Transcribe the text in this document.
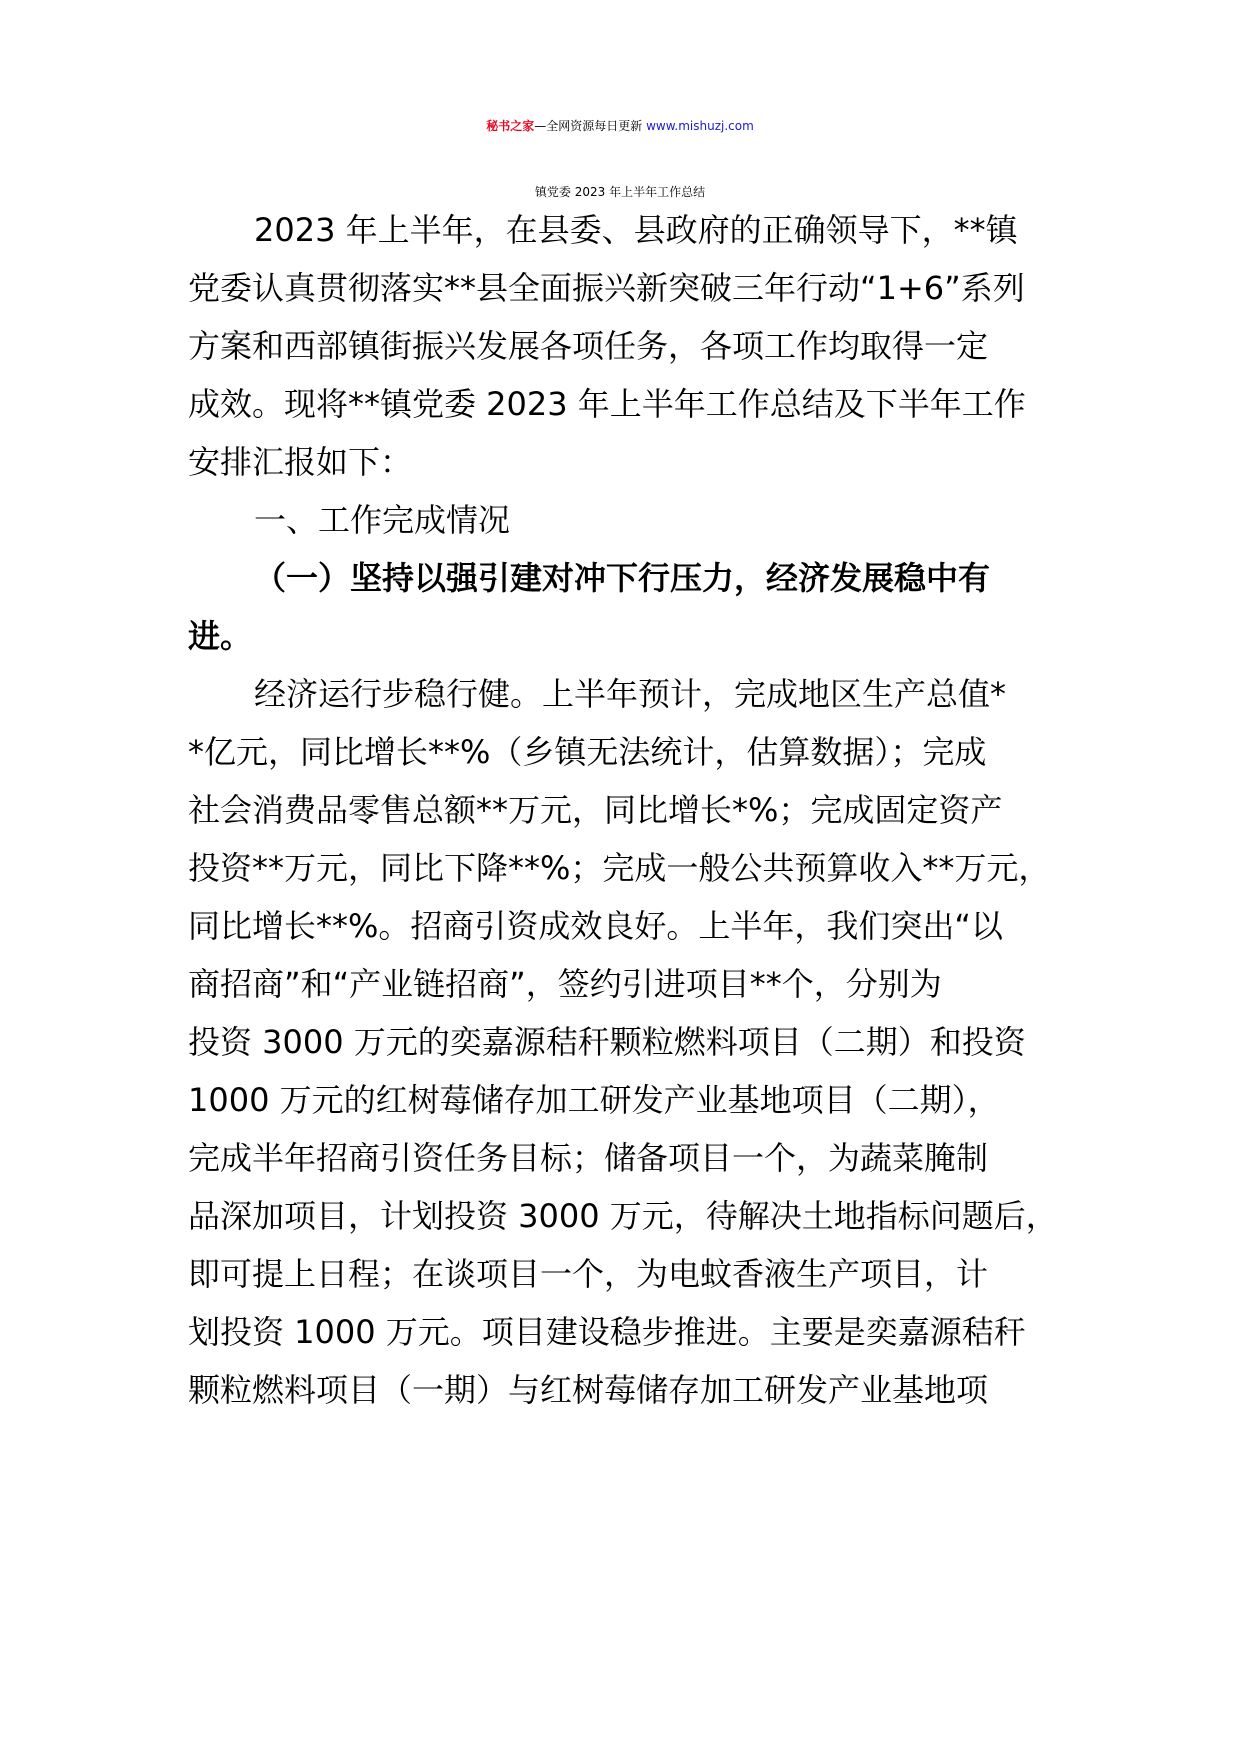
秘书之家—全网资源每日更新 www.mishuzj.com
镇党委 2023 年上半年工作总结
2023 年上半年，在县委、县政府的正确领导下，**镇
党委认真贯彻落实**县全面振兴新突破三年行动“1+6”系列
方案和西部镇街振兴发展各项任务，各项工作均取得一定
成效。现将**镇党委 2023 年上半年工作总结及下半年工作
安排汇报如下：
一、工作完成情况
（一）坚持以强引建对冲下行压力，经济发展稳中有
进。
经济运行步稳行健。上半年预计，完成地区生产总值*
*亿元，同比增长**%（乡镇无法统计，估算数据）；完成
社会消费品零售总额**万元，同比增长*%；完成固定资产
投资**万元，同比下降**%；完成一般公共预算收入**万元，
同比增长**%。招商引资成效良好。上半年，我们突出“以
商招商”和“产业链招商”，签约引进项目**个，分别为
投资 3000 万元的奕嘉源秸秆颗粒燃料项目（二期）和投资
1000 万元的红树莓储存加工研发产业基地项目（二期），
完成半年招商引资任务目标；储备项目一个，为蔬菜腌制
品深加项目，计划投资 3000 万元，待解决土地指标问题后，
即可提上日程；在谈项目一个，为电蚊香液生产项目，计
划投资 1000 万元。项目建设稳步推进。主要是奕嘉源秸秆
颗粒燃料项目（一期）与红树莓储存加工研发产业基地项
